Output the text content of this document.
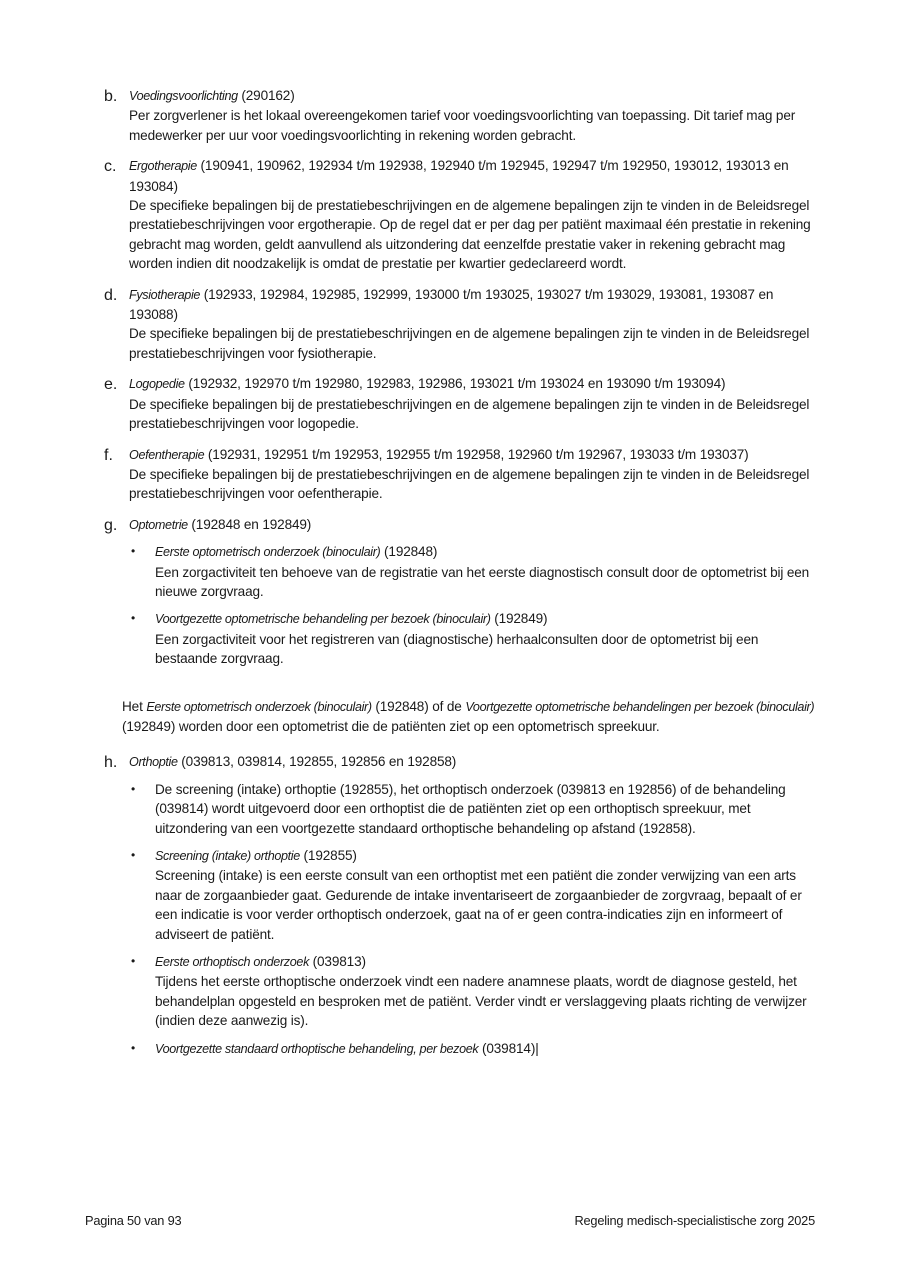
b. Voedingsvoorlichting (290162)
Per zorgverlener is het lokaal overeengekomen tarief voor voedingsvoorlichting van toepassing. Dit tarief mag per medewerker per uur voor voedingsvoorlichting in rekening worden gebracht.
c. Ergotherapie (190941, 190962, 192934 t/m 192938, 192940 t/m 192945, 192947 t/m 192950, 193012, 193013 en 193084)
De specifieke bepalingen bij de prestatiebeschrijvingen en de algemene bepalingen zijn te vinden in de Beleidsregel prestatiebeschrijvingen voor ergotherapie. Op de regel dat er per dag per patiënt maximaal één prestatie in rekening gebracht mag worden, geldt aanvullend als uitzondering dat eenzelfde prestatie vaker in rekening gebracht mag worden indien dit noodzakelijk is omdat de prestatie per kwartier gedeclareerd wordt.
d. Fysiotherapie (192933, 192984, 192985, 192999, 193000 t/m 193025, 193027 t/m 193029, 193081, 193087 en 193088)
De specifieke bepalingen bij de prestatiebeschrijvingen en de algemene bepalingen zijn te vinden in de Beleidsregel prestatiebeschrijvingen voor fysiotherapie.
e. Logopedie (192932, 192970 t/m 192980, 192983, 192986, 193021 t/m 193024 en 193090 t/m 193094)
De specifieke bepalingen bij de prestatiebeschrijvingen en de algemene bepalingen zijn te vinden in de Beleidsregel prestatiebeschrijvingen voor logopedie.
f.	Oefentherapie (192931, 192951 t/m 192953, 192955 t/m 192958, 192960 t/m 192967, 193033 t/m 193037)
De specifieke bepalingen bij de prestatiebeschrijvingen en de algemene bepalingen zijn te vinden in de Beleidsregel prestatiebeschrijvingen voor oefentherapie.
g. Optometrie (192848 en 192849)
• Eerste optometrisch onderzoek (binoculair) (192848)
Een zorgactiviteit ten behoeve van de registratie van het eerste diagnostisch consult door de optometrist bij een nieuwe zorgvraag.
• Voortgezette optometrische behandeling per bezoek (binoculair) (192849)
Een zorgactiviteit voor het registreren van (diagnostische) herhaalconsulten door de optometrist bij een bestaande zorgvraag.
Het Eerste optometrisch onderzoek (binoculair) (192848) of de Voortgezette optometrische behandelingen per bezoek (binoculair) (192849) worden door een optometrist die de patiënten ziet op een optometrisch spreekuur.
h. Orthoptie (039813, 039814, 192855, 192856 en 192858)
• De screening (intake) orthoptie (192855), het orthoptisch onderzoek (039813 en 192856) of de behandeling (039814) wordt uitgevoerd door een orthoptist die de patiënten ziet op een orthoptisch spreekuur, met uitzondering van een voortgezette standaard orthoptische behandeling op afstand (192858).
• Screening (intake) orthoptie (192855)
Screening (intake) is een eerste consult van een orthoptist met een patiënt die zonder verwijzing van een arts naar de zorgaanbieder gaat. Gedurende de intake inventariseert de zorgaanbieder de zorgvraag, bepaalt of er een indicatie is voor verder orthoptisch onderzoek, gaat na of er geen contra-indicaties zijn en informeert of adviseert de patiënt.
• Eerste orthoptisch onderzoek (039813)
Tijdens het eerste orthoptische onderzoek vindt een nadere anamnese plaats, wordt de diagnose gesteld, het behandelplan opgesteld en besproken met de patiënt. Verder vindt er verslaggeving plaats richting de verwijzer (indien deze aanwezig is).
• Voortgezette standaard orthoptische behandeling, per bezoek (039814)|
Pagina 50 van 93	Regeling medisch-specialistische zorg 2025
